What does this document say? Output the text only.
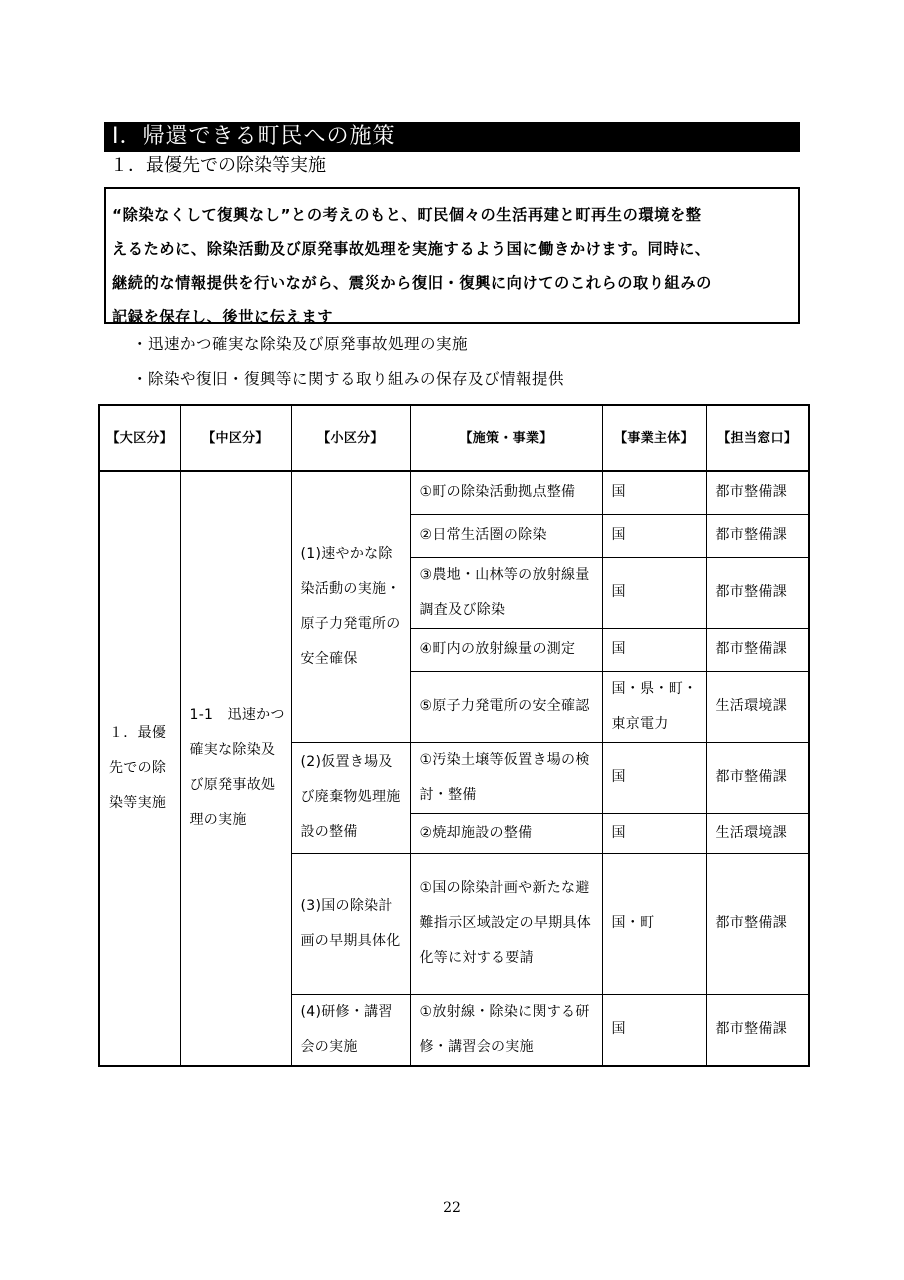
Ⅰ．帰還できる町民への施策
１．最優先での除染等実施
“除染なくして復興なし”との考えのもと、町民個々の生活再建と町再生の環境を整
えるために、除染活動及び原発事故処理を実施するよう国に働きかけます。同時に、
継続的な情報提供を行いながら、震災から復旧・復興に向けてのこれらの取り組みの
記録を保存し、後世に伝えます
・迅速かつ確実な除染及び原発事故処理の実施
・除染や復旧・復興等に関する取り組みの保存及び情報提供
【大区分】	【中区分】	【小区分】	【施策・事業】	【事業主体】	【担当窓口】
１．最優先での除染等実施	1-1　迅速かつ確実な除染及び原発事故処理の実施	(1)速やかな除染活動の実施・原子力発電所の安全確保	①町の除染活動拠点整備	国	都市整備課
			②日常生活圏の除染	国	都市整備課
			③農地・山林等の放射線量調査及び除染	国	都市整備課
			④町内の放射線量の測定	国	都市整備課
			⑤原子力発電所の安全確認	国・県・町・東京電力	生活環境課
		(2)仮置き場及び廃棄物処理施設の整備	①汚染土壌等仮置き場の検討・整備	国	都市整備課
			②焼却施設の整備	国	生活環境課
		(3)国の除染計画の早期具体化	①国の除染計画や新たな避難指示区域設定の早期具体化等に対する要請	国・町	都市整備課
		(4)研修・講習会の実施	①放射線・除染に関する研修・講習会の実施	国	都市整備課
22
